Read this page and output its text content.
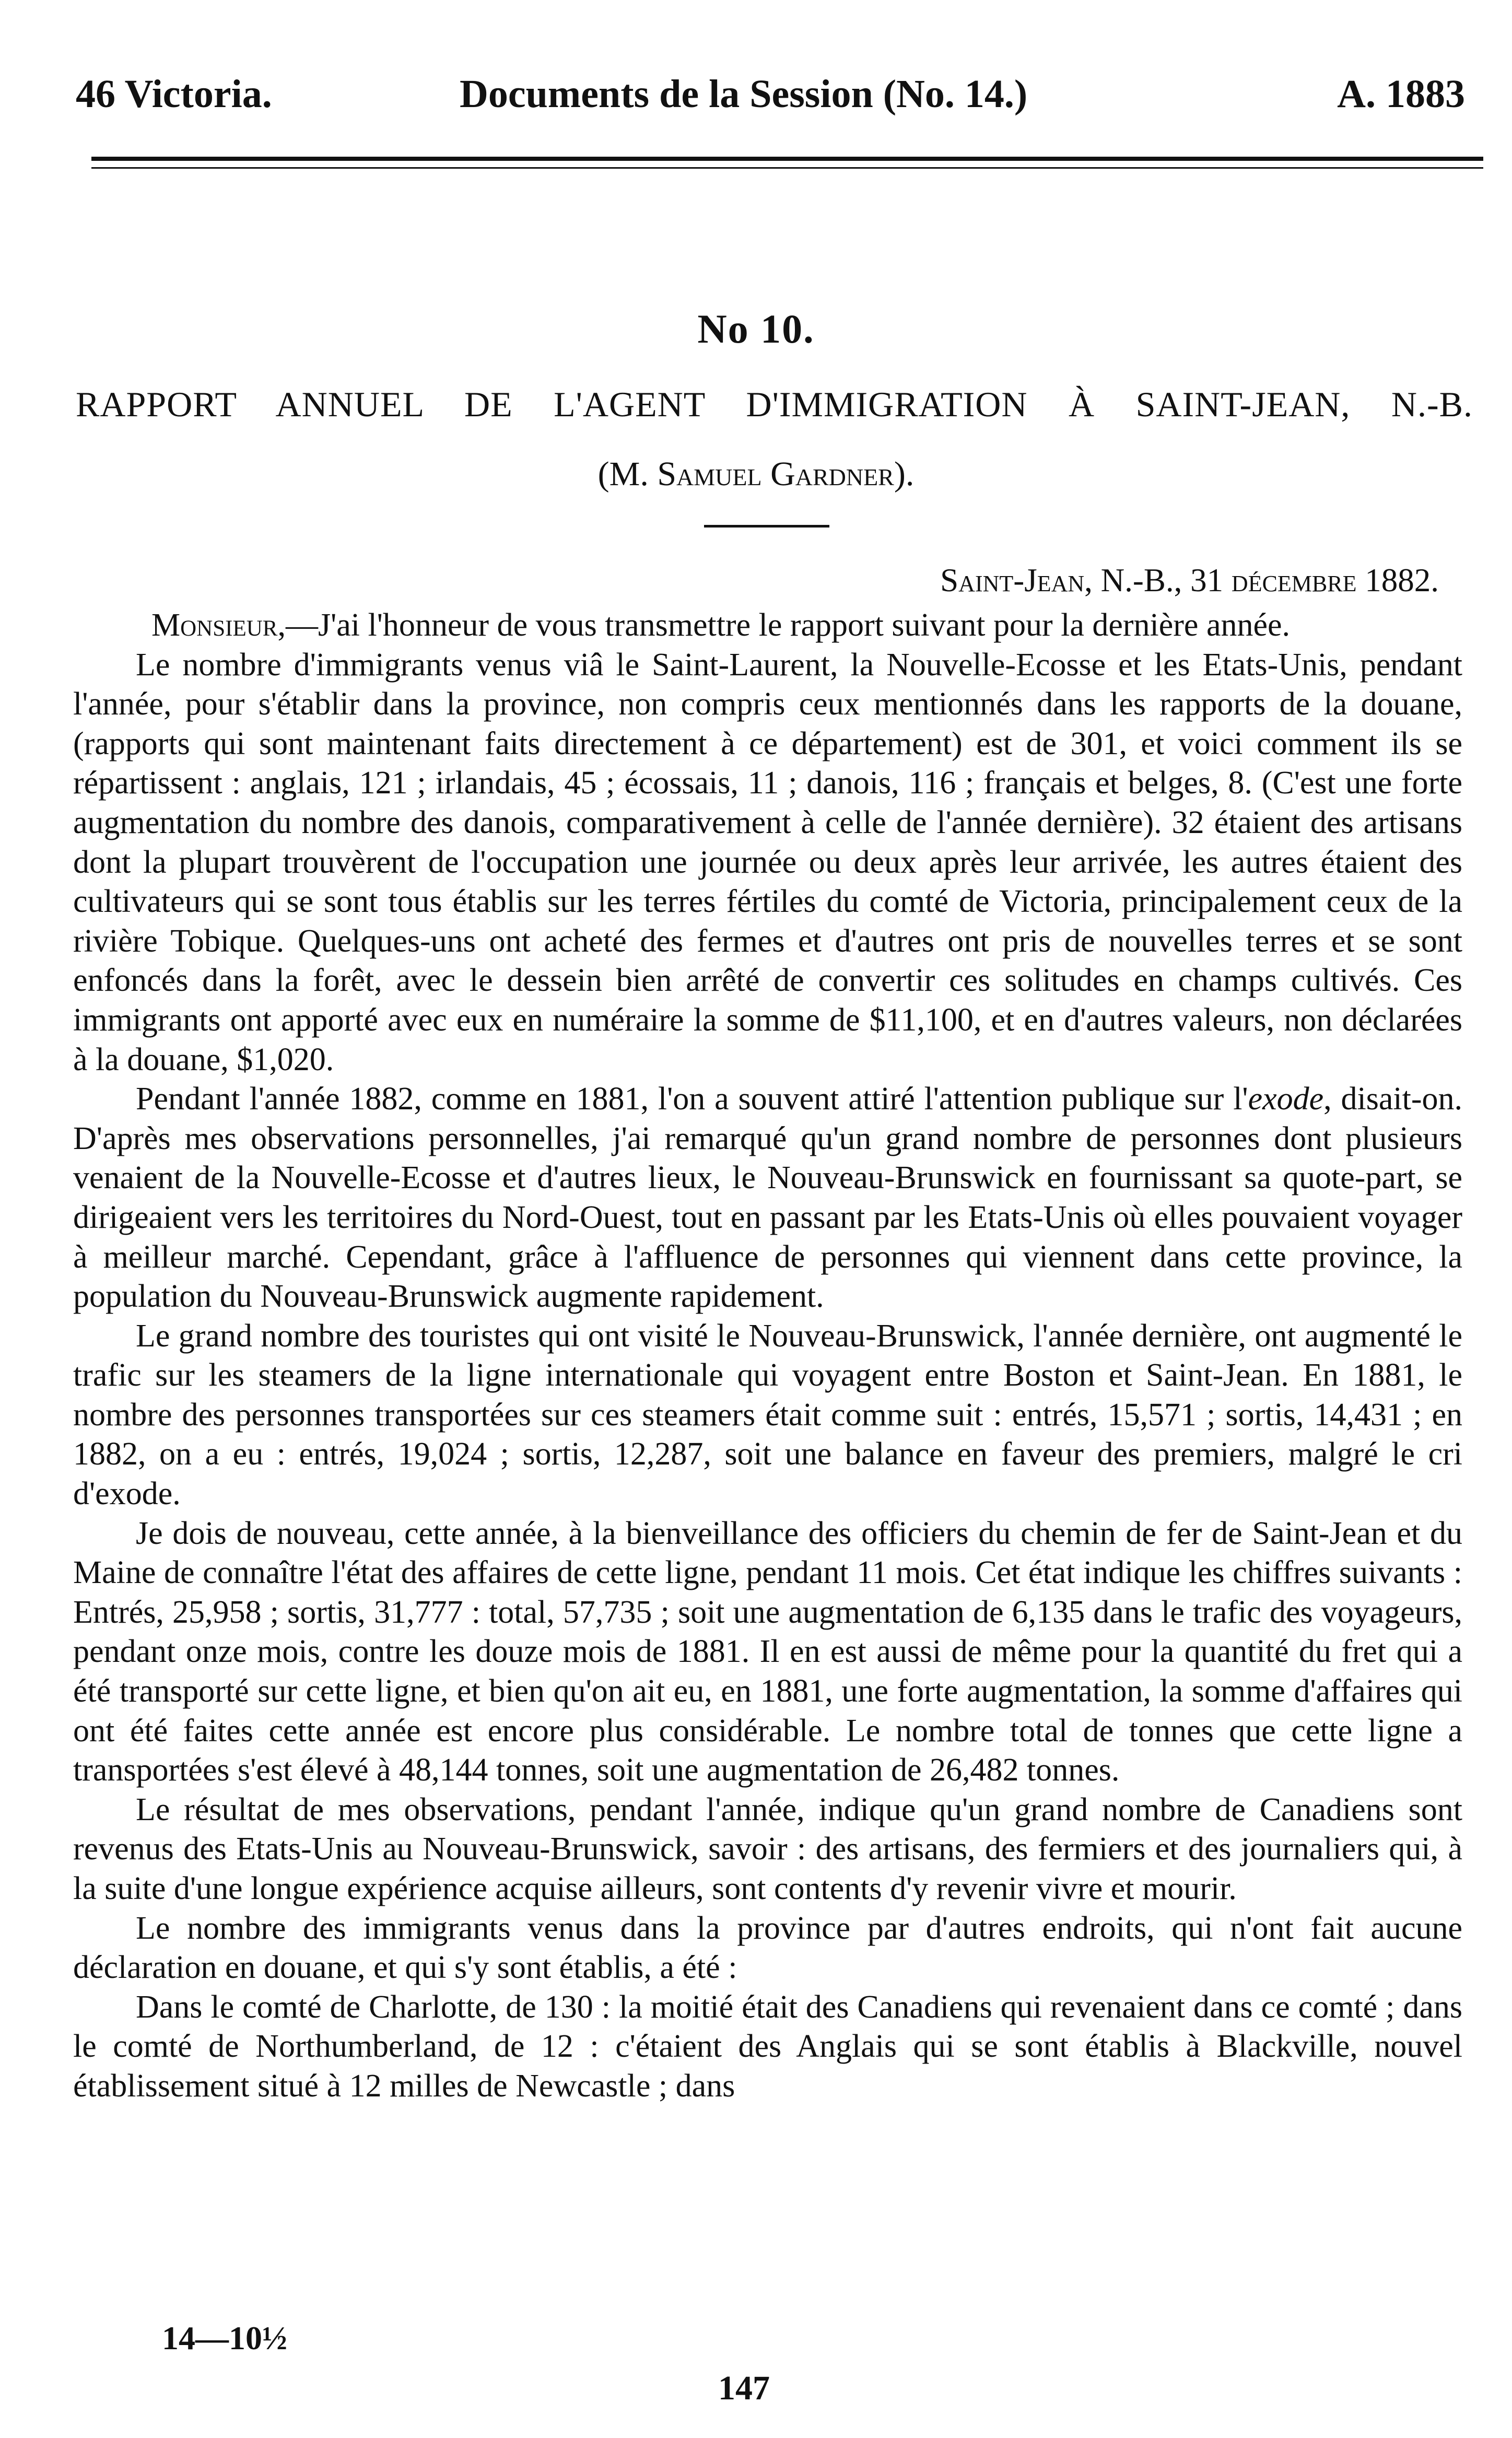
46 Victoria.	Documents de la Session (No. 14.)	A. 1883
No 10.
RAPPORT ANNUEL DE L'AGENT D'IMMIGRATION À SAINT-JEAN, N.-B.
(M. Samuel Gardner).
Saint-Jean, N.-B., 31 décembre 1882.

Monsieur,—J'ai l'honneur de vous transmettre le rapport suivant pour la dernière année.

Le nombre d'immigrants venus viâ le Saint-Laurent, la Nouvelle-Ecosse et les Etats-Unis, pendant l'année, pour s'établir dans la province, non compris ceux mentionnés dans les rapports de la douane, (rapports qui sont maintenant faits directement à ce département) est de 301, et voici comment ils se répartissent : anglais, 121 ; irlandais, 45 ; écossais, 11 ; danois, 116 ; français et belges, 8. (C'est une forte augmentation du nombre des danois, comparativement à celle de l'année dernière). 32 étaient des artisans dont la plupart trouvèrent de l'occupation une journée ou deux après leur arrivée, les autres étaient des cultivateurs qui se sont tous établis sur les terres fértiles du comté de Victoria, principalement ceux de la rivière Tobique. Quelques-uns ont acheté des fermes et d'autres ont pris de nouvelles terres et se sont enfoncés dans la forêt, avec le dessein bien arrêté de convertir ces solitudes en champs cultivés. Ces immigrants ont apporté avec eux en numéraire la somme de $11,100, et en d'autres valeurs, non déclarées à la douane, $1,020.

Pendant l'année 1882, comme en 1881, l'on a souvent attiré l'attention publique sur l'exode, disait-on. D'après mes observations personnelles, j'ai remarqué qu'un grand nombre de personnes dont plusieurs venaient de la Nouvelle-Ecosse et d'autres lieux, le Nouveau-Brunswick en fournissant sa quote-part, se dirigeaient vers les territoires du Nord-Ouest, tout en passant par les Etats-Unis où elles pouvaient voyager à meilleur marché. Cependant, grâce à l'affluence de personnes qui viennent dans cette province, la population du Nouveau-Brunswick augmente rapidement.

Le grand nombre des touristes qui ont visité le Nouveau-Brunswick, l'année dernière, ont augmenté le trafic sur les steamers de la ligne internationale qui voyagent entre Boston et Saint-Jean. En 1881, le nombre des personnes transportées sur ces steamers était comme suit : entrés, 15,571 ; sortis, 14,431 ; en 1882, on a eu : entrés, 19,024 ; sortis, 12,287, soit une balance en faveur des premiers, malgré le cri d'exode.

Je dois de nouveau, cette année, à la bienveillance des officiers du chemin de fer de Saint-Jean et du Maine de connaître l'état des affaires de cette ligne, pendant 11 mois. Cet état indique les chiffres suivants : Entrés, 25,958 ; sortis, 31,777 : total, 57,735 ; soit une augmentation de 6,135 dans le trafic des voyageurs, pendant onze mois, contre les douze mois de 1881. Il en est aussi de même pour la quantité du fret qui a été transporté sur cette ligne, et bien qu'on ait eu, en 1881, une forte augmentation, la somme d'affaires qui ont été faites cette année est encore plus considérable. Le nombre total de tonnes que cette ligne a transportées s'est élevé à 48,144 tonnes, soit une augmentation de 26,482 tonnes.

Le résultat de mes observations, pendant l'année, indique qu'un grand nombre de Canadiens sont revenus des Etats-Unis au Nouveau-Brunswick, savoir : des artisans, des fermiers et des journaliers qui, à la suite d'une longue expérience acquise ailleurs, sont contents d'y revenir vivre et mourir.

Le nombre des immigrants venus dans la province par d'autres endroits, qui n'ont fait aucune déclaration en douane, et qui s'y sont établis, a été :

Dans le comté de Charlotte, de 130 : la moitié était des Canadiens qui revenaient dans ce comté ; dans le comté de Northumberland, de 12 : c'étaient des Anglais qui se sont établis à Blackville, nouvel établissement situé à 12 milles de Newcastle ; dans

14—10½
147
